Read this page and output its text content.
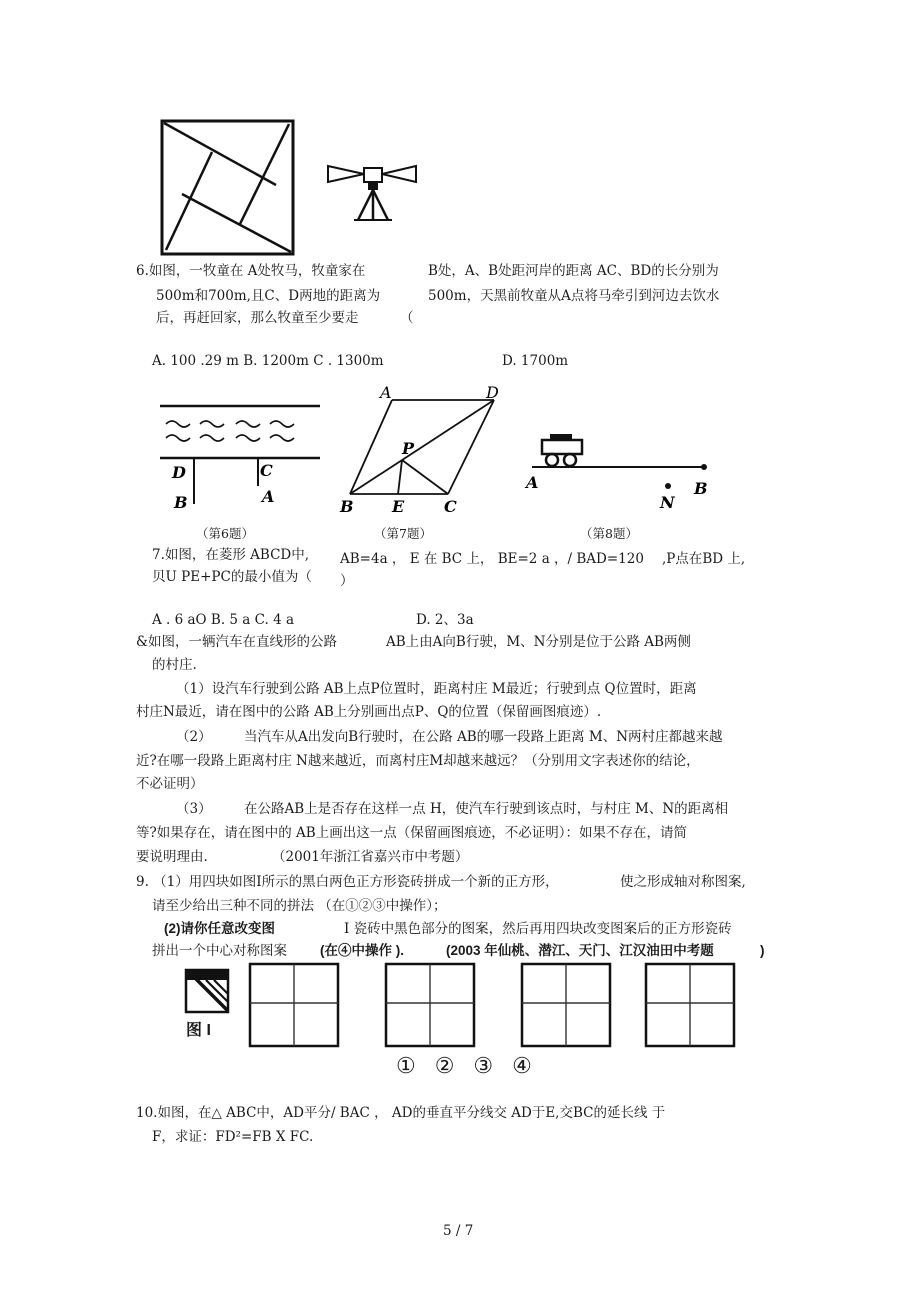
6.如图，一牧童在 A处牧马，牧童家在	B处，A、B处距河岸的距离 AC、BD的长分别为
500m和700m,且C、D两地的距离为	500m，天黑前牧童从A点将马牵引到河边去饮水
后，再赶回家，那么牧童至少要走	（
A. 100 .29 m B. 1200m C . 1300m	D. 1700m
D	C
B	A
（第6题）
A	D
P
B E C
（第7题）
A
N
B
（第8题）
7.如图，在菱形 ABCD中, AB=4a ， E 在 BC 上， BE=2 a ，/ BAD=120 ,P点在BD 上,
贝U PE+PC的最小值为（ ）
A . 6 aO B. 5 a C. 4 a	D. 2、3a
&如图，一辆汽车在直线形的公路	AB上由A向B行驶，M、N分别是位于公路 AB两侧
的村庄.
（1）设汽车行驶到公路 AB上点P位置时，距离村庄 M最近；行驶到点 Q位置时，距离
村庄N最近，请在图中的公路 AB上分别画出点P、Q的位置（保留画图痕迹）.
（2） 当汽车从A出发向B行驶时，在公路 AB的哪一段路上距离 M、N两村庄都越来越
近?在哪一段路上距离村庄 N越来越近，而离村庄M却越来越远？（分别用文字表述你的结论，
不必证明）
（3） 在公路AB上是否存在这样一点 H，使汽车行驶到该点时，与村庄 M、N的距离相
等?如果存在，请在图中的 AB上画出这一点（保留画图痕迹，不必证明）：如果不存在，请简
要说明理由.	（2001年浙江省嘉兴市中考题）
9. （1）用四块如图I所示的黑白两色正方形瓷砖拼成一个新的正方形，	使之形成轴对称图案,
请至少给出三种不同的拼法 （在①②③中操作）；
(2)请你任意改变图	I 瓷砖中黑色部分的图案，然后再用四块改变图案后的正方形瓷砖
拼出一个中心对称图案 (在④中操作 ).	(2003 年仙桃、潜江、天门、江汉油田中考题	)
图 I
① ② ③ ④
10.如图，在△ ABC中，AD平分/ BAC ， AD的垂直平分线交 AD于E,交BC的延长线 于
F，求证：FD²=FB X FC.
5 / 7
